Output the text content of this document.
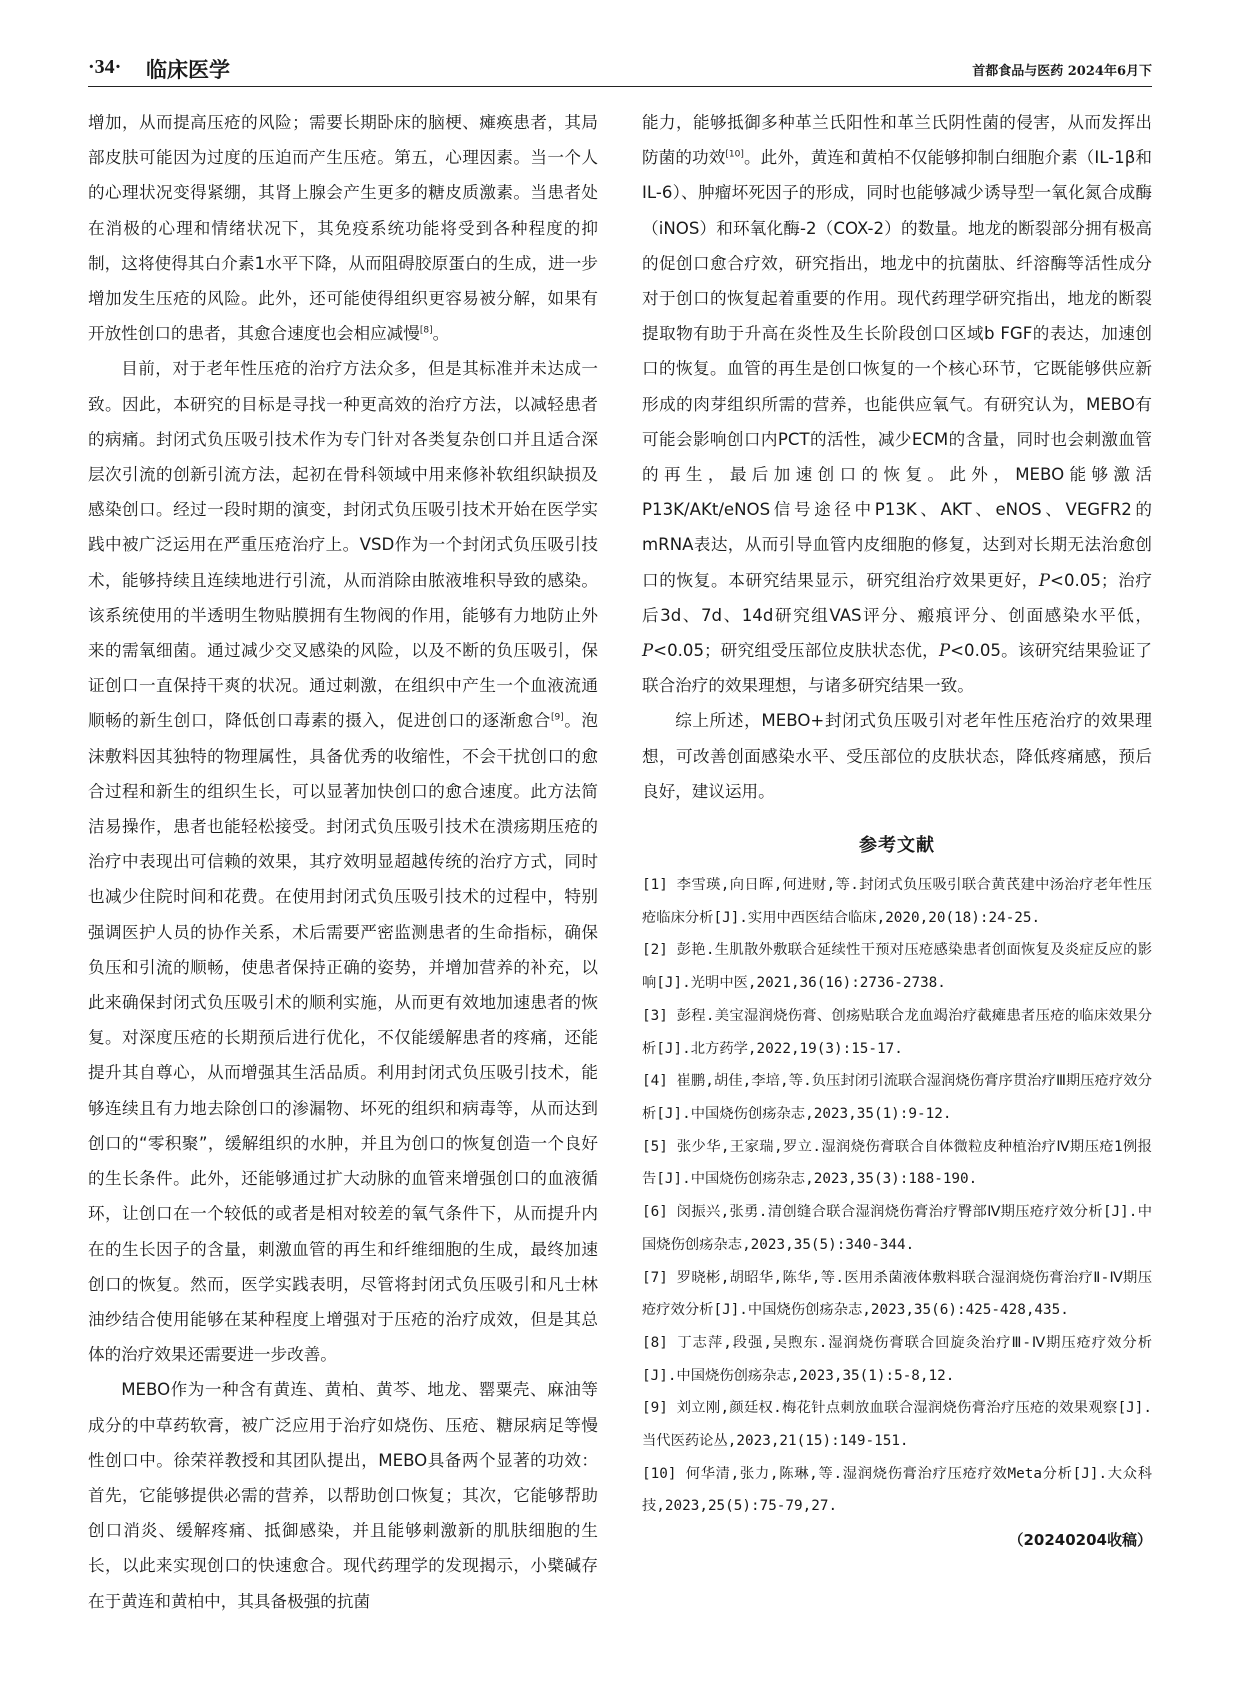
·34· 临床医学	首都食品与医药 2024年6月下

增加，从而提高压疮的风险；需要长期卧床的脑梗、瘫痪患者，其局部皮肤可能因为过度的压迫而产生压疮。第五，心理因素。当一个人的心理状况变得紧绷，其肾上腺会产生更多的糖皮质激素。当患者处在消极的心理和情绪状况下，其免疫系统功能将受到各种程度的抑制，这将使得其白介素1水平下降，从而阻碍胶原蛋白的生成，进一步增加发生压疮的风险。此外，还可能使得组织更容易被分解，如果有开放性创口的患者，其愈合速度也会相应减慢[8]。

目前，对于老年性压疮的治疗方法众多，但是其标准并未达成一致。因此，本研究的目标是寻找一种更高效的治疗方法，以减轻患者的病痛。封闭式负压吸引技术作为专门针对各类复杂创口并且适合深层次引流的创新引流方法，起初在骨科领域中用来修补软组织缺损及感染创口。经过一段时期的演变，封闭式负压吸引技术开始在医学实践中被广泛运用在严重压疮治疗上。VSD作为一个封闭式负压吸引技术，能够持续且连续地进行引流，从而消除由脓液堆积导致的感染。该系统使用的半透明生物贴膜拥有生物阀的作用，能够有力地防止外来的需氧细菌。通过减少交叉感染的风险，以及不断的负压吸引，保证创口一直保持干爽的状况。通过刺激，在组织中产生一个血液流通顺畅的新生创口，降低创口毒素的摄入，促进创口的逐渐愈合[9]。泡沫敷料因其独特的物理属性，具备优秀的收缩性，不会干扰创口的愈合过程和新生的组织生长，可以显著加快创口的愈合速度。此方法简洁易操作，患者也能轻松接受。封闭式负压吸引技术在溃疡期压疮的治疗中表现出可信赖的效果，其疗效明显超越传统的治疗方式，同时也减少住院时间和花费。在使用封闭式负压吸引技术的过程中，特别强调医护人员的协作关系，术后需要严密监测患者的生命指标，确保负压和引流的顺畅，使患者保持正确的姿势，并增加营养的补充，以此来确保封闭式负压吸引术的顺利实施，从而更有效地加速患者的恢复。对深度压疮的长期预后进行优化，不仅能缓解患者的疼痛，还能提升其自尊心，从而增强其生活品质。利用封闭式负压吸引技术，能够连续且有力地去除创口的渗漏物、坏死的组织和病毒等，从而达到创口的“零积聚”，缓解组织的水肿，并且为创口的恢复创造一个良好的生长条件。此外，还能够通过扩大动脉的血管来增强创口的血液循环，让创口在一个较低的或者是相对较差的氧气条件下，从而提升内在的生长因子的含量，刺激血管的再生和纤维细胞的生成，最终加速创口的恢复。然而，医学实践表明，尽管将封闭式负压吸引和凡士林油纱结合使用能够在某种程度上增强对于压疮的治疗成效，但是其总体的治疗效果还需要进一步改善。

MEBO作为一种含有黄连、黄柏、黄芩、地龙、罂粟壳、麻油等成分的中草药软膏，被广泛应用于治疗如烧伤、压疮、糖尿病足等慢性创口中。徐荣祥教授和其团队提出，MEBO具备两个显著的功效：首先，它能够提供必需的营养，以帮助创口恢复；其次，它能够帮助创口消炎、缓解疼痛、抵御感染，并且能够刺激新的肌肤细胞的生长，以此来实现创口的快速愈合。现代药理学的发现揭示，小檗碱存在于黄连和黄柏中，其具备极强的抗菌

能力，能够抵御多种革兰氏阳性和革兰氏阴性菌的侵害，从而发挥出防菌的功效[10]。此外，黄连和黄柏不仅能够抑制白细胞介素（IL-1β和IL-6）、肿瘤坏死因子的形成，同时也能够减少诱导型一氧化氮合成酶（iNOS）和环氧化酶-2（COX-2）的数量。地龙的断裂部分拥有极高的促创口愈合疗效，研究指出，地龙中的抗菌肽、纤溶酶等活性成分对于创口的恢复起着重要的作用。现代药理学研究指出，地龙的断裂提取物有助于升高在炎性及生长阶段创口区域b FGF的表达，加速创口的恢复。血管的再生是创口恢复的一个核心环节，它既能够供应新形成的肉芽组织所需的营养，也能供应氧气。有研究认为，MEBO有可能会影响创口内PCT的活性，减少ECM的含量，同时也会刺激血管的再生，最后加速创口的恢复。此外，MEBO能够激活P13K/AKt/eNOS信号途径中P13K、AKT、eNOS、VEGFR2的mRNA表达，从而引导血管内皮细胞的修复，达到对长期无法治愈创口的恢复。本研究结果显示，研究组治疗效果更好，P<0.05；治疗后3d、7d、14d研究组VAS评分、瘢痕评分、创面感染水平低，P<0.05；研究组受压部位皮肤状态优，P<0.05。该研究结果验证了联合治疗的效果理想，与诸多研究结果一致。

综上所述，MEBO+封闭式负压吸引对老年性压疮治疗的效果理想，可改善创面感染水平、受压部位的皮肤状态，降低疼痛感，预后良好，建议运用。

参考文献
[1] 李雪瑛,向日晖,何进财,等.封闭式负压吸引联合黄芪建中汤治疗老年性压疮临床分析[J].实用中西医结合临床,2020,20(18):24-25.
[2] 彭艳.生肌散外敷联合延续性干预对压疮感染患者创面恢复及炎症反应的影响[J].光明中医,2021,36(16):2736-2738.
[3] 彭程.美宝湿润烧伤膏、创疡贴联合龙血竭治疗截瘫患者压疮的临床效果分析[J].北方药学,2022,19(3):15-17.
[4] 崔鹏,胡佳,李培,等.负压封闭引流联合湿润烧伤膏序贯治疗Ⅲ期压疮疗效分析[J].中国烧伤创疡杂志,2023,35(1):9-12.
[5] 张少华,王家瑞,罗立.湿润烧伤膏联合自体微粒皮种植治疗Ⅳ期压疮1例报告[J].中国烧伤创疡杂志,2023,35(3):188-190.
[6] 闵振兴,张勇.清创缝合联合湿润烧伤膏治疗臀部Ⅳ期压疮疗效分析[J].中国烧伤创疡杂志,2023,35(5):340-344.
[7] 罗晓彬,胡昭华,陈华,等.医用杀菌液体敷料联合湿润烧伤膏治疗Ⅱ-Ⅳ期压疮疗效分析[J].中国烧伤创疡杂志,2023,35(6):425-428,435.
[8] 丁志萍,段强,吴煦东.湿润烧伤膏联合回旋灸治疗Ⅲ-Ⅳ期压疮疗效分析[J].中国烧伤创疡杂志,2023,35(1):5-8,12.
[9] 刘立刚,颜廷权.梅花针点刺放血联合湿润烧伤膏治疗压疮的效果观察[J].当代医药论丛,2023,21(15):149-151.
[10] 何华清,张力,陈琳,等.湿润烧伤膏治疗压疮疗效Meta分析[J].大众科技,2023,25(5):75-79,27.
（20240204收稿）
